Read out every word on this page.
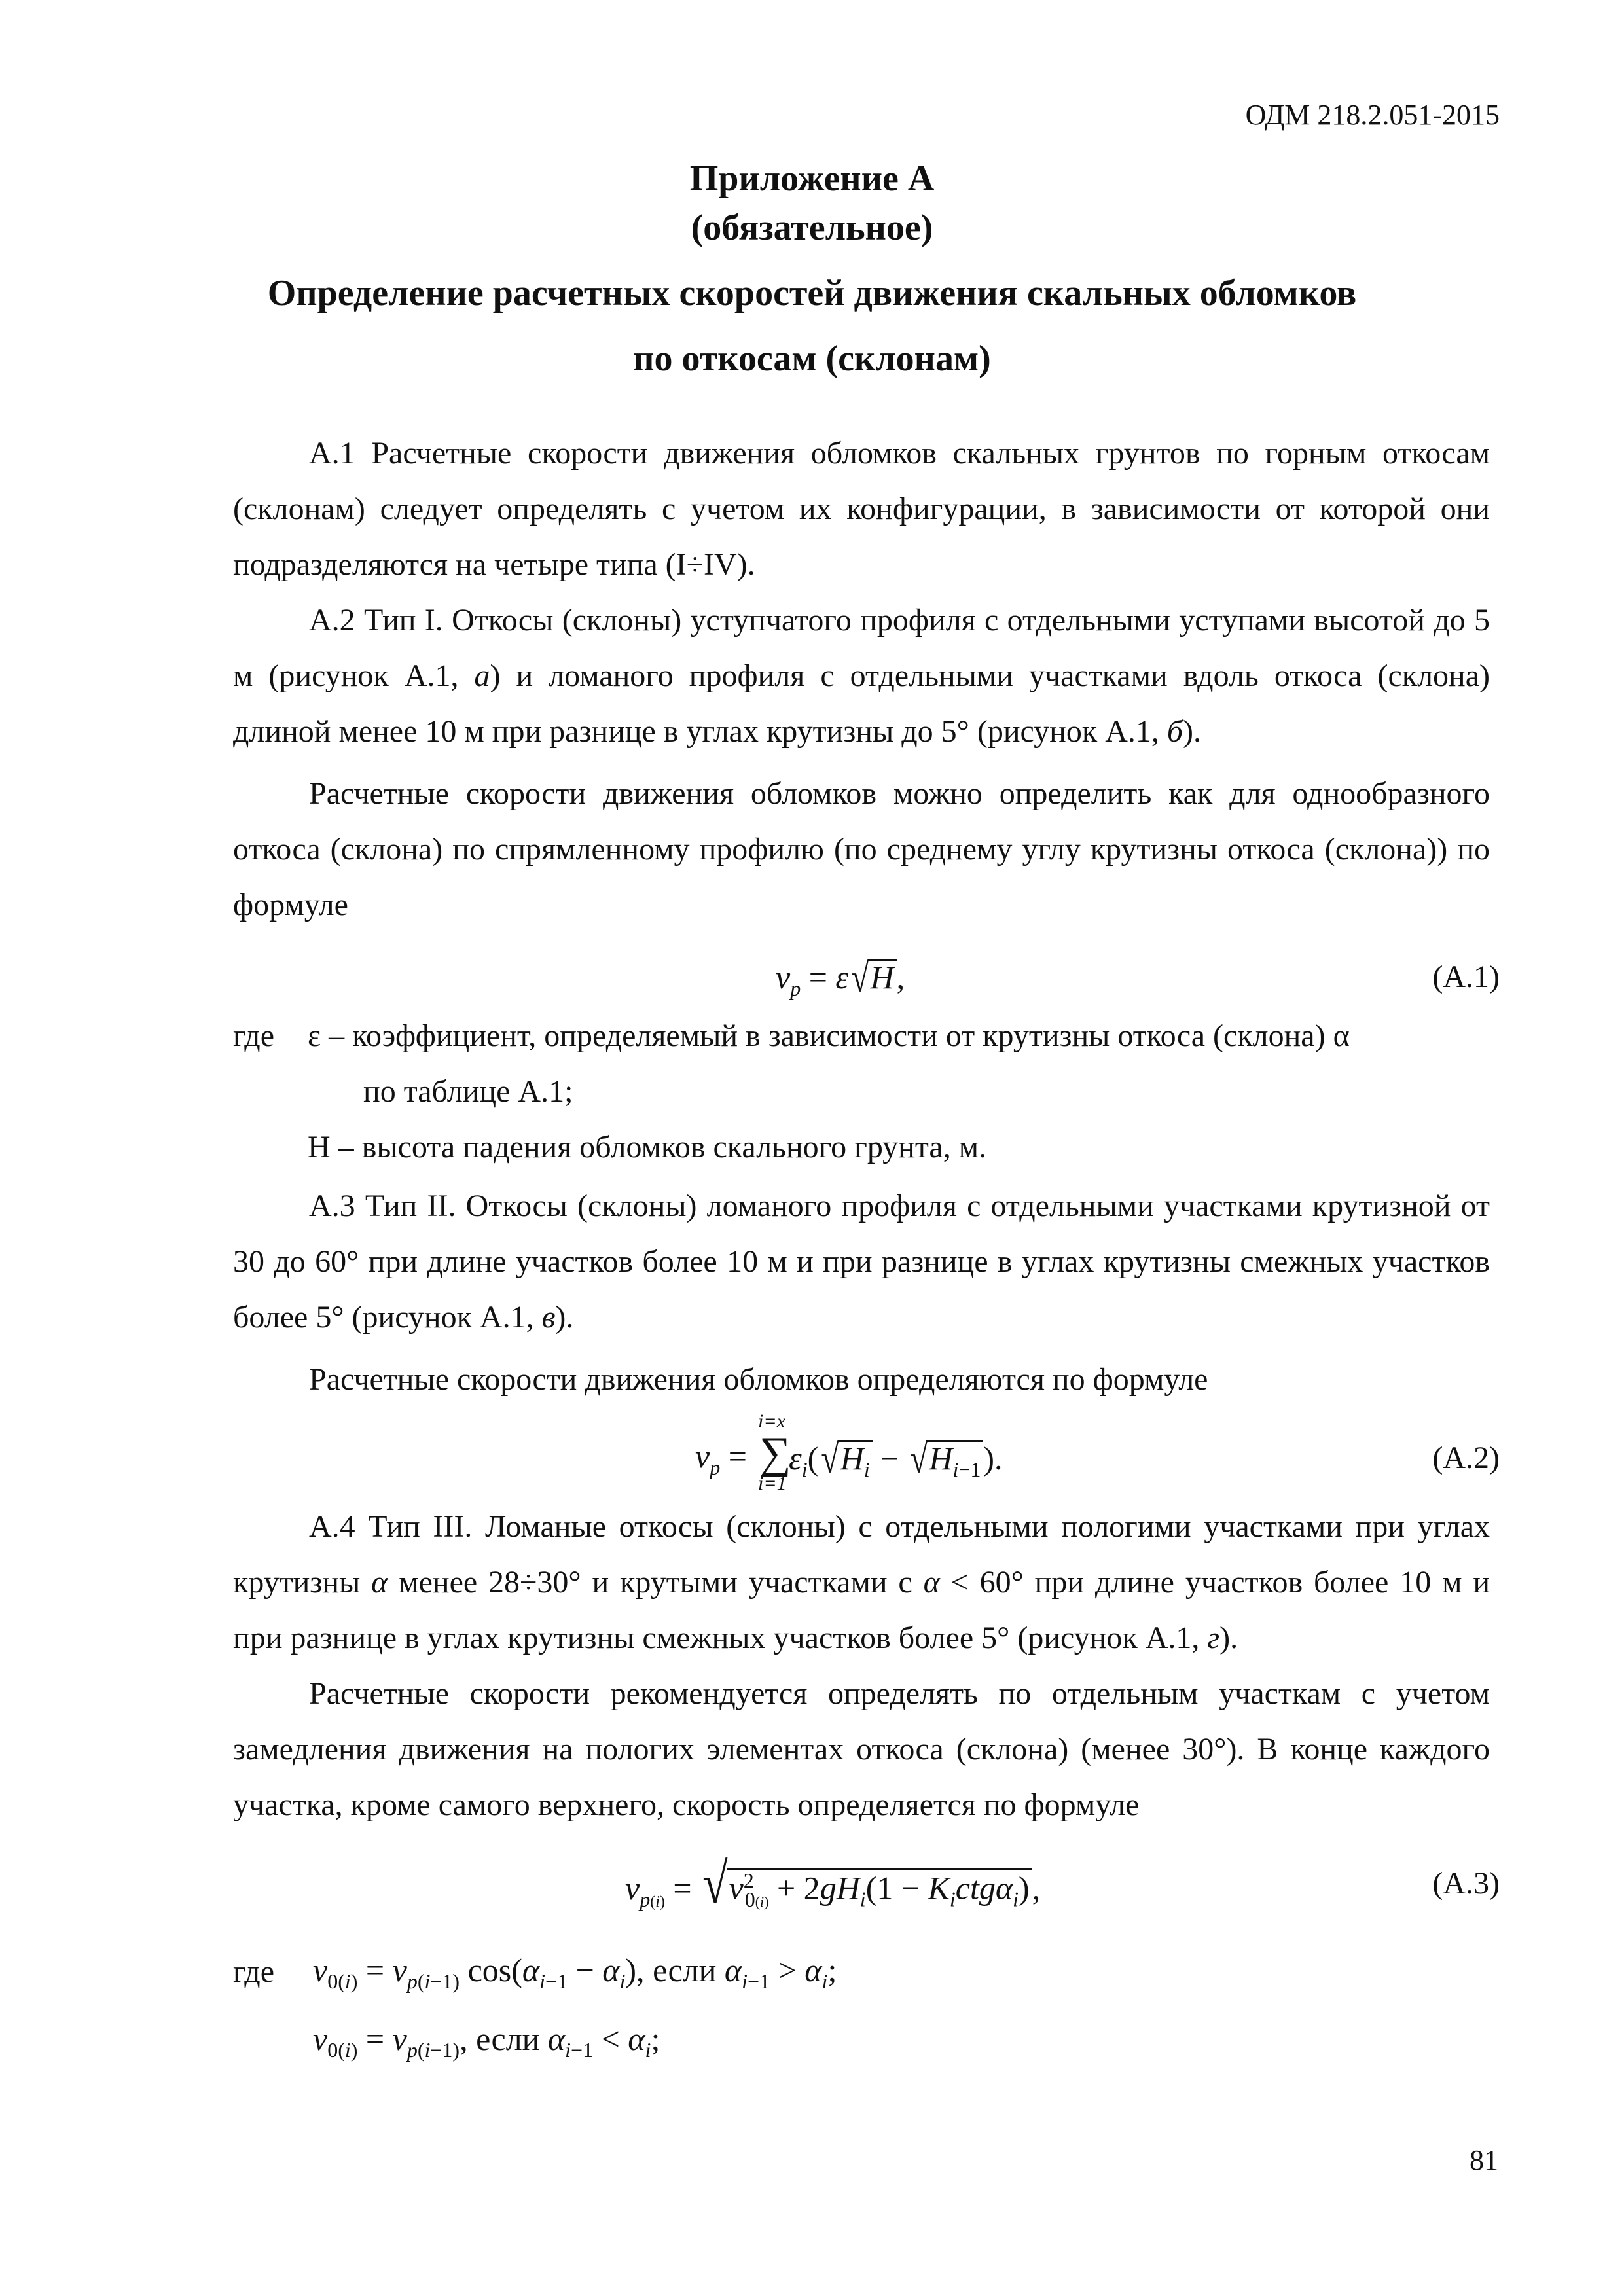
ОДМ 218.2.051-2015
Приложение А
(обязательное)
Определение расчетных скоростей движения скальных обломков
по откосам (склонам)

А.1 Расчетные скорости движения обломков скальных грунтов по горным откосам (склонам) следует определять с учетом их конфигурации, в зависимости от которой они подразделяются на четыре типа (I÷IV).

А.2 Тип I. Откосы (склоны) уступчатого профиля с отдельными уступами высотой до 5 м (рисунок А.1, а) и ломаного профиля с отдельными участками вдоль откоса (склона) длиной менее 10 м при разнице в углах крутизны до 5° (рисунок А.1, б).

Расчетные скорости движения обломков можно определить как для однообразного откоса (склона) по спрямленному профилю (по среднему углу крутизны откоса (склона)) по формуле

$v_p = \varepsilon√H$,	(А.1)
где ε – коэффициент, определяемый в зависимости от крутизны откоса (склона) α
по таблице А.1;
H – высота падения обломков скального грунта, м.

А.3 Тип II. Откосы (склоны) ломаного профиля с отдельными участками крутизной от 30 до 60° при длине участков более 10 м и при разнице в углах крутизны смежных участков более 5° (рисунок А.1, в).

Расчетные скорости движения обломков определяются по формуле

i=x
$v_p$ = ∑
$\varepsilon_i(√H_i - √H_{i-1})$.
i=1
(А.2)

А.4 Тип III. Ломаные откосы (склоны) с отдельными пологими участками при углах крутизны α менее 28÷30° и крутыми участками с α < 60° при длине участков более 10 м и при разнице в углах крутизны смежных участков более 5° (рисунок А.1, г).

Расчетные скорости рекомендуется определять по отдельным участкам с учетом замедления движения на пологих элементах откоса (склона) (менее 30°). В конце каждого участка, кроме самого верхнего, скорость определяется по формуле

$v_{p(i)} = √v^2_{0(i)} + 2gH_i(1 - K_ictg\alpha_i)$,	(А.3)
где $v_{0(i)} = v_{p(i-1)}$ $\cos(\alpha_{i-1} - \alpha_i)$, если $\alpha_{i-1} > \alpha_i$;
$v_{0(i)} = v_{p(i-1)}$, если $\alpha_{i-1} < \alpha_i$;
81
